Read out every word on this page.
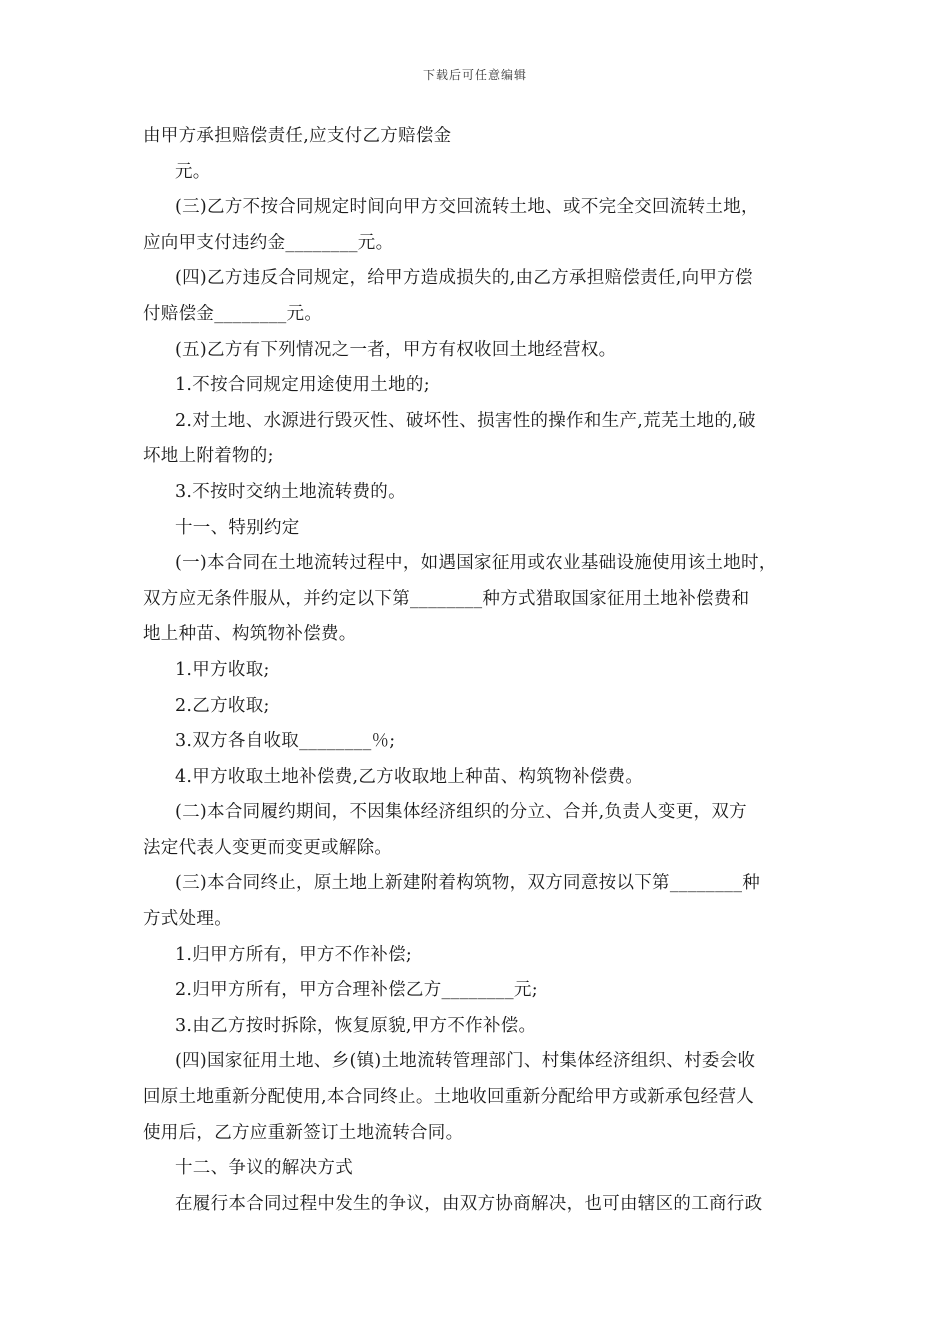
下载后可任意编辑
由甲方承担赔偿责任,应支付乙方赔偿金
元。
(三)乙方不按合同规定时间向甲方交回流转土地、或不完全交回流转土地，
应向甲支付违约金________元。
(四)乙方违反合同规定，给甲方造成损失的,由乙方承担赔偿责任,向甲方偿
付赔偿金________元。
(五)乙方有下列情况之一者，甲方有权收回土地经营权。
1.不按合同规定用途使用土地的;
2.对土地、水源进行毁灭性、破坏性、损害性的操作和生产,荒芜土地的,破
坏地上附着物的;
3.不按时交纳土地流转费的。
十一、特别约定
(一)本合同在土地流转过程中，如遇国家征用或农业基础设施使用该土地时，
双方应无条件服从，并约定以下第________种方式猎取国家征用土地补偿费和
地上种苗、构筑物补偿费。
1.甲方收取;
2.乙方收取;
3.双方各自收取________％;
4.甲方收取土地补偿费,乙方收取地上种苗、构筑物补偿费。
(二)本合同履约期间，不因集体经济组织的分立、合并,负责人变更，双方
法定代表人变更而变更或解除。
(三)本合同终止，原土地上新建附着构筑物，双方同意按以下第________种
方式处理。
1.归甲方所有，甲方不作补偿;
2.归甲方所有，甲方合理补偿乙方________元;
3.由乙方按时拆除，恢复原貌,甲方不作补偿。
(四)国家征用土地、乡(镇)土地流转管理部门、村集体经济组织、村委会收
回原土地重新分配使用,本合同终止。土地收回重新分配给甲方或新承包经营人
使用后，乙方应重新签订土地流转合同。
十二、争议的解决方式
在履行本合同过程中发生的争议，由双方协商解决，也可由辖区的工商行政
